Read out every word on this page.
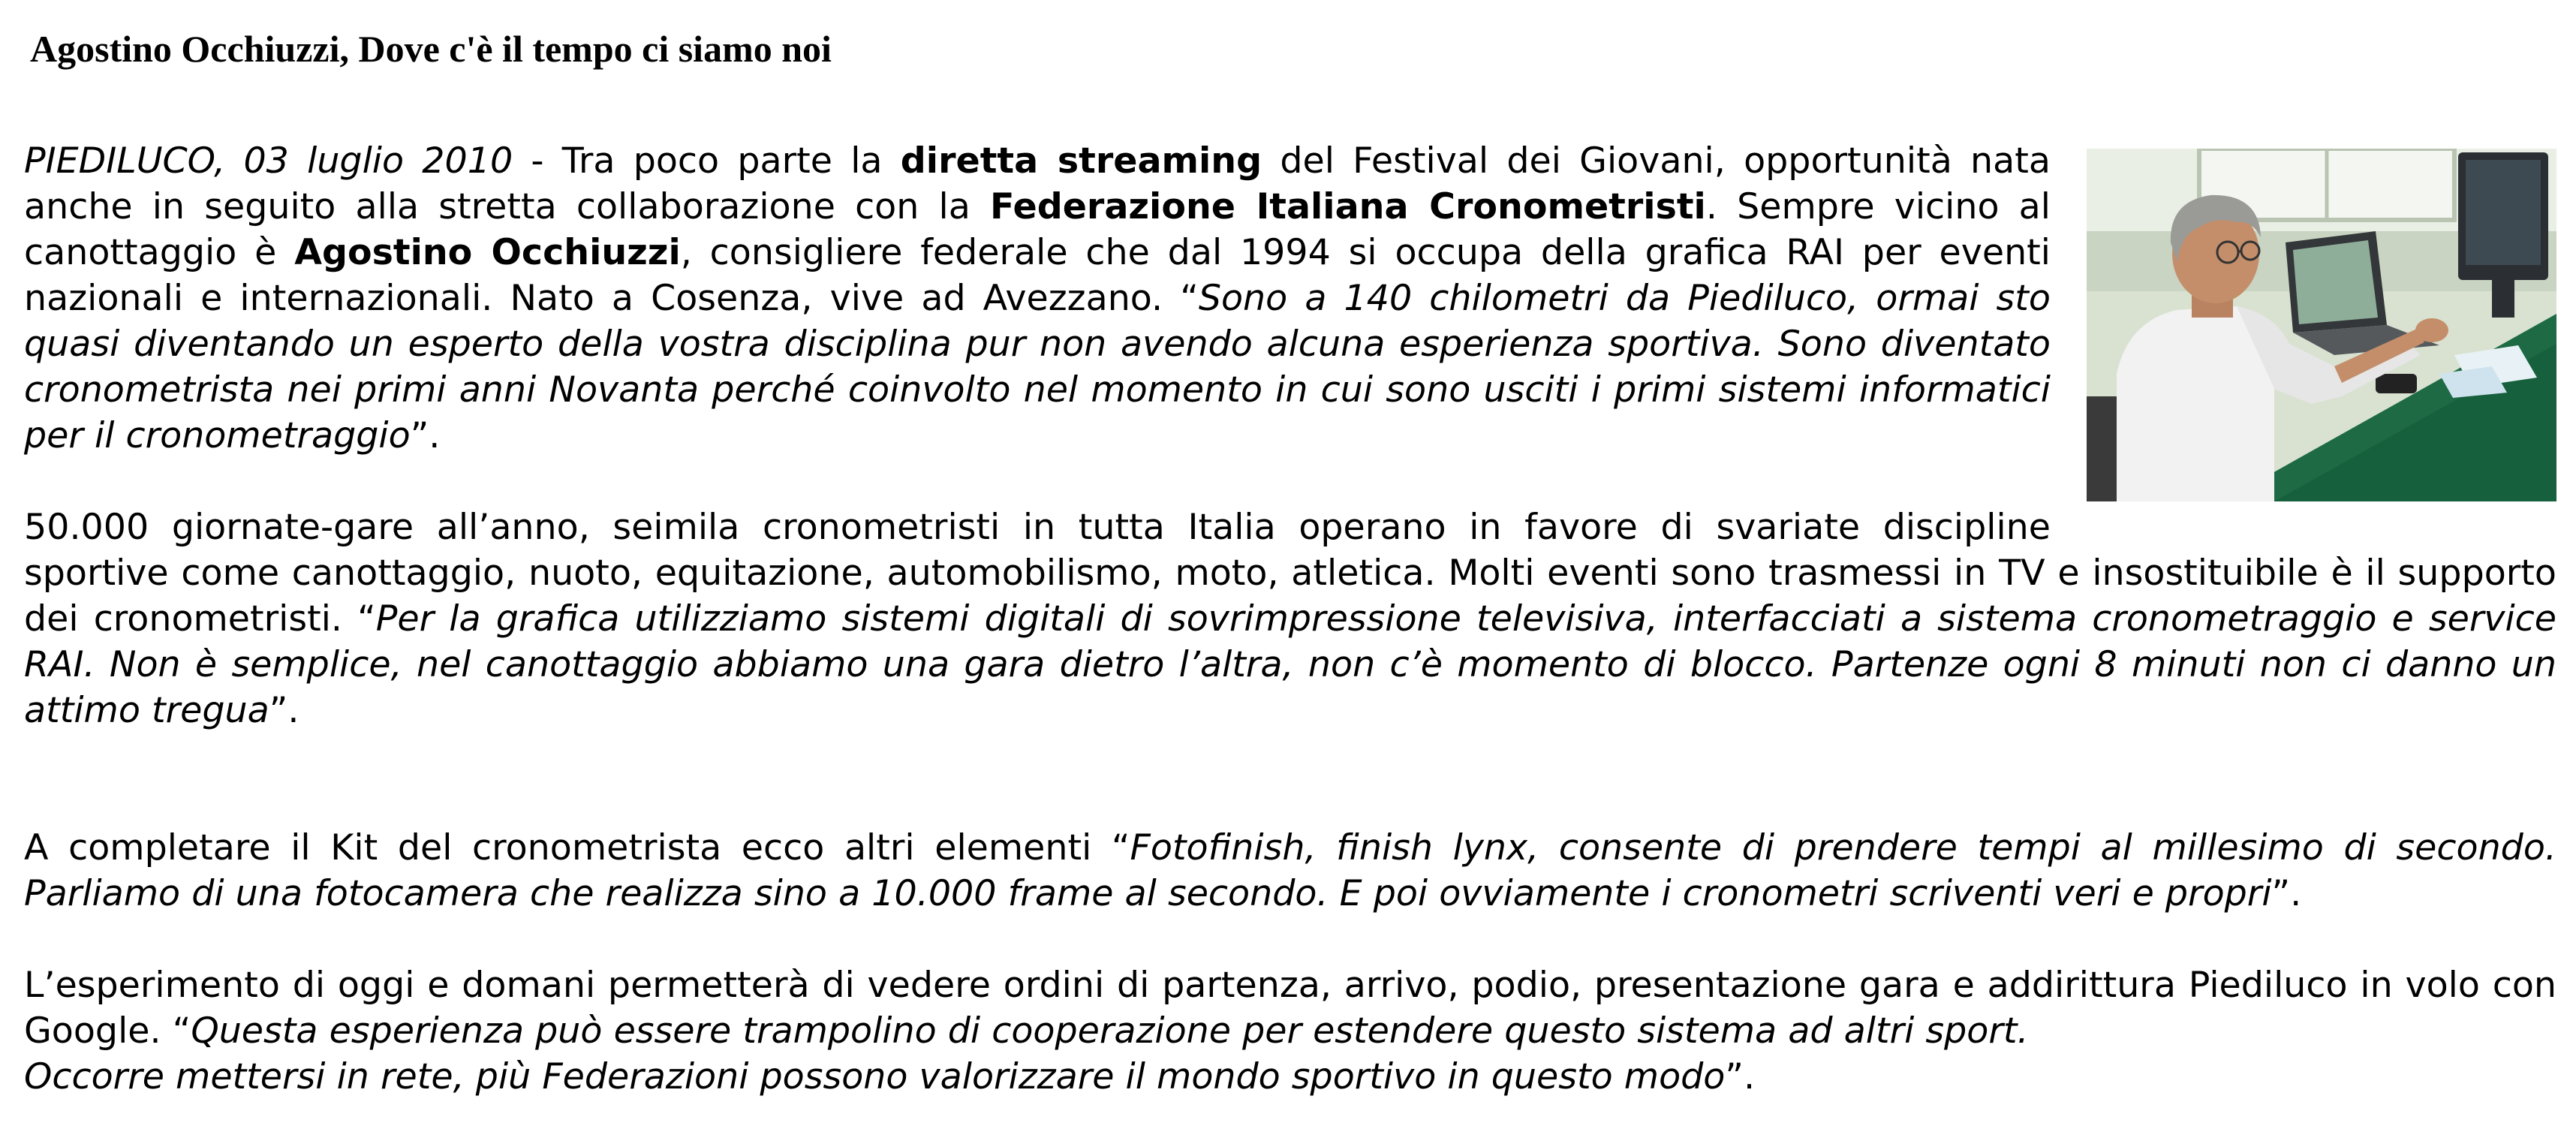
Agostino Occhiuzzi, Dove c'è il tempo ci siamo noi

PIEDILUCO, 03 luglio 2010 - Tra poco parte la diretta streaming del Festival dei Giovani, opportunità nata anche in seguito alla stretta collaborazione con la Federazione Italiana Cronometristi. Sempre vicino al canottaggio è Agostino Occhiuzzi, consigliere federale che dal 1994 si occupa della grafica RAI per eventi nazionali e internazionali. Nato a Cosenza, vive ad Avezzano. “Sono a 140 chilometri da Piediluco, ormai sto quasi diventando un esperto della vostra disciplina pur non avendo alcuna esperienza sportiva. Sono diventato cronometrista nei primi anni Novanta perché coinvolto nel momento in cui sono usciti i primi sistemi informatici per il cronometraggio”.

50.000 giornate-gare all’anno, seimila cronometristi in tutta Italia operano in favore di svariate discipline sportive come canottaggio, nuoto, equitazione, automobilismo, moto, atletica. Molti eventi sono trasmessi in TV e insostituibile è il supporto dei cronometristi. “Per la grafica utilizziamo sistemi digitali di sovrimpressione televisiva, interfacciati a sistema cronometraggio e service RAI. Non è semplice, nel canottaggio abbiamo una gara dietro l’altra, non c’è momento di blocco. Partenze ogni 8 minuti non ci danno un attimo tregua”.

A completare il Kit del cronometrista ecco altri elementi “Fotofinish, finish lynx, consente di prendere tempi al millesimo di secondo. Parliamo di una fotocamera che realizza sino a 10.000 frame al secondo. E poi ovviamente i cronometri scriventi veri e propri”.

L’esperimento di oggi e domani permetterà di vedere ordini di partenza, arrivo, podio, presentazione gara e addirittura Piediluco in volo con Google. “Questa esperienza può essere trampolino di cooperazione per estendere questo sistema ad altri sport.
Occorre mettersi in rete, più Federazioni possono valorizzare il mondo sportivo in questo modo”.
